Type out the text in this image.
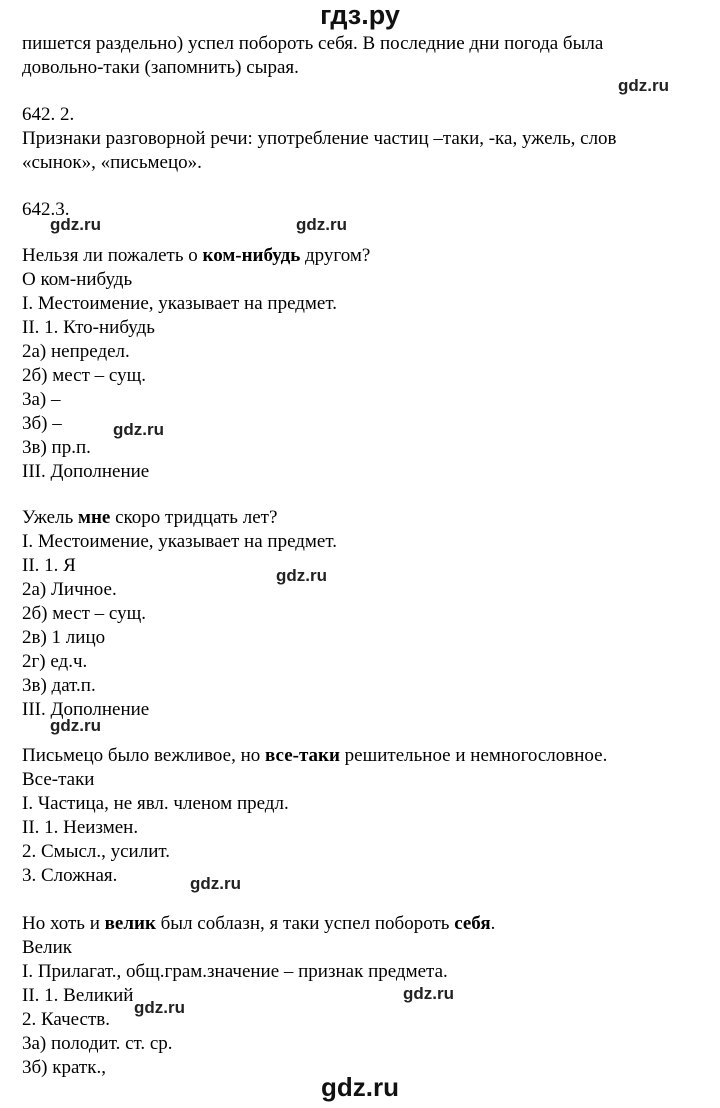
гдз.ру
пишется раздельно) успел побороть себя. В последние дни погода была
довольно-таки (запомнить) сырая.
642. 2.
Признаки разговорной речи: употребление частиц –таки, -ка, ужель, слов
«сынок», «письмецо».
642.3.
Нельзя ли пожалеть о ком-нибудь другом?
О ком-нибудь
I. Местоимение, указывает на предмет.
II. 1. Кто-нибудь
2а) непредел.
2б) мест – сущ.
3а) –
3б) –
3в) пр.п.
III. Дополнение
Ужель мне скоро тридцать лет?
I. Местоимение, указывает на предмет.
II. 1. Я
2а) Личное.
2б) мест – сущ.
2в) 1 лицо
2г) ед.ч.
3в) дат.п.
III. Дополнение
Письмецо было вежливое, но все-таки решительное и немногословное.
Все-таки
I. Частица, не явл. членом предл.
II. 1. Неизмен.
2. Смысл., усилит.
3. Сложная.
Но хоть и велик был соблазн, я таки успел побороть себя.
Велик
I. Прилагат., общ.грам.значение – признак предмета.
II. 1. Великий
2. Качеств.
3а) полодит. ст. ср.
3б) кратк.,
gdz.ru
gdz.ru	gdz.ru
gdz.ru
gdz.ru
gdz.ru
gdz.ru
gdz.ru
gdz.ru
gdz.ru
